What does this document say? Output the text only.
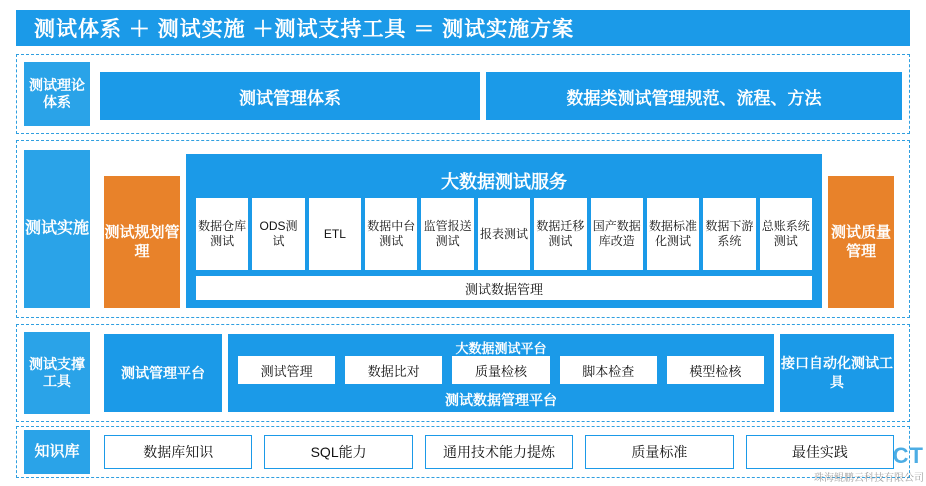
测试体系 ＋ 测试实施 ＋测试支持工具 ＝ 测试实施方案
测试理论体系	测试管理体系	数据类测试管理规范、流程、方法
测试实施 测试规划管理
测试质量管理
大数据测试服务
数据仓库测试
ODS测试
ETL
数据中台测试
监管报送测试
报表测试
数据迁移测试
国产数据库改造
数据标准化测试
数据下游系统
总账系统测试
测试数据管理
测试支撑工具
测试管理平台
大数据测试平台
测试管理	数据比对	质量检核	脚本检查	模型检核
测试数据管理平台
接口自动化测试工具
知识库	数据库知识	SQL能力	通用技术能力提炼	质量标准	最佳实践	CT
珠海鲲鹏云科技有限公司
